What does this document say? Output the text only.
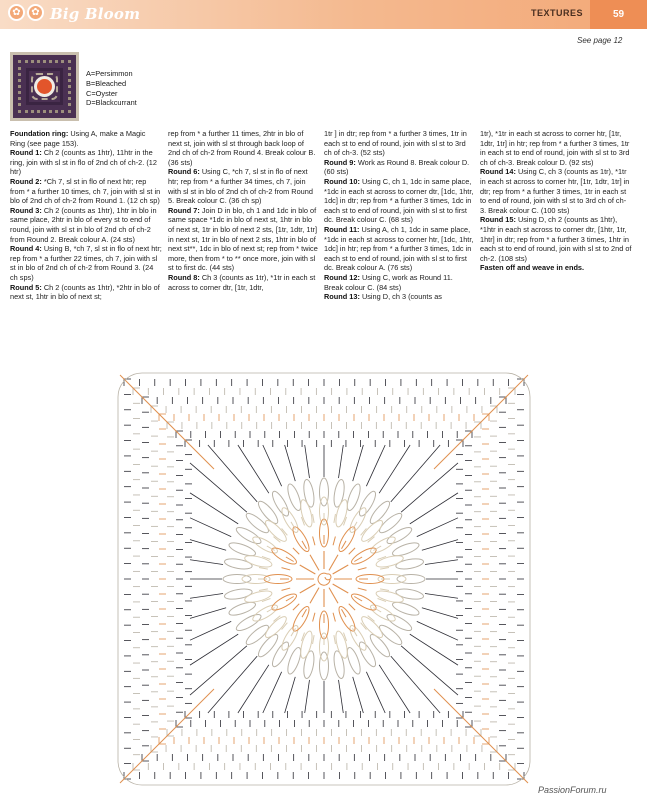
✿	✿ Big Bloom	TEXTURES	59
See page 12
A=Persimmon
B=Bleached
C=Oyster
D=Blackcurrant

Foundation ring: Using A, make a Magic Ring (see page 153).

Round 1: Ch 2 (counts as 1htr), 11htr in the ring, join with sl st in flo of 2nd ch of ch-2. (12 htr)

Round 2: *Ch 7, sl st in flo of next htr; rep from * a further 10 times, ch 7, join with sl st in blo of 2nd ch of ch-2 from Round 1. (12 ch sp)

Round 3: Ch 2 (counts as 1htr), 1htr in blo in same place, 2htr in blo of every st to end of round, join with sl st in blo of 2nd ch of ch-2 from Round 2. Break colour A. (24 sts)

Round 4: Using B, *ch 7, sl st in flo of next htr; rep from * a further 22 times, ch 7, join with sl st in blo of 2nd ch of ch-2 from Round 3. (24 ch sps)

Round 5: Ch 2 (counts as 1htr), *2htr in blo of next st, 1htr in blo of next st;

rep from * a further 11 times, 2htr in blo of next st, join with sl st through back loop of 2nd ch of ch-2 from Round 4. Break colour B. (36 sts)

Round 6: Using C, *ch 7, sl st in flo of next htr; rep from * a further 34 times, ch 7, join with sl st in blo of 2nd ch of ch-2 from Round 5. Break colour C. (36 ch sp)

Round 7: Join D in blo, ch 1 and 1dc in blo of same space *1dc in blo of next st, 1htr in blo of next st, 1tr in blo of next 2 sts, [1tr, 1dtr, 1tr] in next st, 1tr in blo of next 2 sts, 1htr in blo of next st**, 1dc in blo of next st; rep from * twice more, then from * to ** once more, join with sl st to first dc. (44 sts)

Round 8: Ch 3 (counts as 1tr), *1tr in each st across to corner dtr, [1tr, 1dtr,

1tr ] in dtr; rep from * a further 3 times, 1tr in each st to end of round, join with sl st to 3rd ch of ch-3. (52 sts)

Round 9: Work as Round 8. Break colour D. (60 sts)

Round 10: Using C, ch 1, 1dc in same place, *1dc in each st across to corner dtr, [1dc, 1htr, 1dc] in dtr; rep from * a further 3 times, 1dc in each st to end of round, join with sl st to first dc. Break colour C. (68 sts)

Round 11: Using A, ch 1, 1dc in same place, *1dc in each st across to corner htr, [1dc, 1htr, 1dc] in htr; rep from * a further 3 times, 1dc in each st to end of round, join with sl st to first dc. Break colour A. (76 sts)

Round 12: Using C, work as Round 11. Break colour C. (84 sts)

Round 13: Using D, ch 3 (counts as

1tr), *1tr in each st across to corner htr, [1tr, 1dtr, 1tr] in htr; rep from * a further 3 times, 1tr in each st to end of round, join with sl st to 3rd ch of ch-3. Break colour D. (92 sts)

Round 14: Using C, ch 3 (counts as 1tr), *1tr in each st across to corner htr, [1tr, 1dtr, 1tr] in dtr; rep from * a further 3 times, 1tr in each st to end of round, join with sl st to 3rd ch of ch-3. Break colour C. (100 sts)

Round 15: Using D, ch 2 (counts as 1htr), *1htr in each st across to corner dtr, [1htr, 1tr, 1htr] in dtr; rep from * a further 3 times, 1htr in each st to end of round, join with sl st to 2nd of ch-2. (108 sts)

Fasten off and weave in ends.

PassionForum.ru
